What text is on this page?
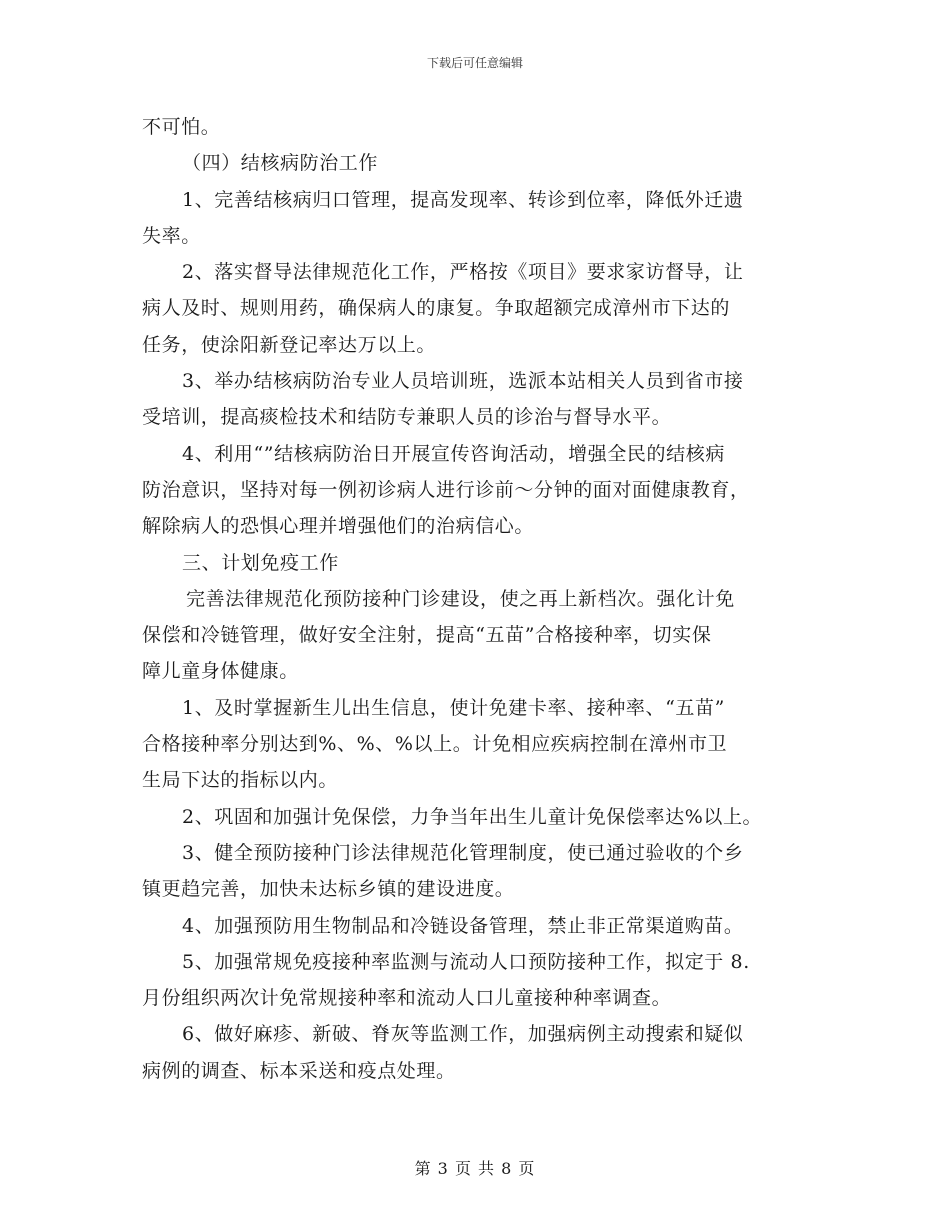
下载后可任意编辑
不可怕。
（四）结核病防治工作
1、完善结核病归口管理，提高发现率、转诊到位率，降低外迁遗
失率。
2、落实督导法律规范化工作，严格按《项目》要求家访督导，让
病人及时、规则用药，确保病人的康复。争取超额完成漳州市下达的
任务，使涂阳新登记率达万以上。
3、举办结核病防治专业人员培训班，选派本站相关人员到省市接
受培训，提高痰检技术和结防专兼职人员的诊治与督导水平。
4、利用“”结核病防治日开展宣传咨询活动，增强全民的结核病
防治意识，坚持对每一例初诊病人进行诊前～分钟的面对面健康教育，
解除病人的恐惧心理并增强他们的治病信心。
三、计划免疫工作
完善法律规范化预防接种门诊建设，使之再上新档次。强化计免
保偿和冷链管理，做好安全注射，提高“五苗”合格接种率，切实保
障儿童身体健康。
1、及时掌握新生儿出生信息，使计免建卡率、接种率、“五苗”
合格接种率分别达到%、%、%以上。计免相应疾病控制在漳州市卫
生局下达的指标以内。
2、巩固和加强计免保偿，力争当年出生儿童计免保偿率达%以上。
3、健全预防接种门诊法律规范化管理制度，使已通过验收的个乡
镇更趋完善，加快未达标乡镇的建设进度。
4、加强预防用生物制品和冷链设备管理，禁止非正常渠道购苗。
5、加强常规免疫接种率监测与流动人口预防接种工作，拟定于 8.
月份组织两次计免常规接种率和流动人口儿童接种种率调查。
6、做好麻疹、新破、脊灰等监测工作，加强病例主动搜索和疑似
病例的调查、标本采送和疫点处理。
第 3 页 共 8 页
